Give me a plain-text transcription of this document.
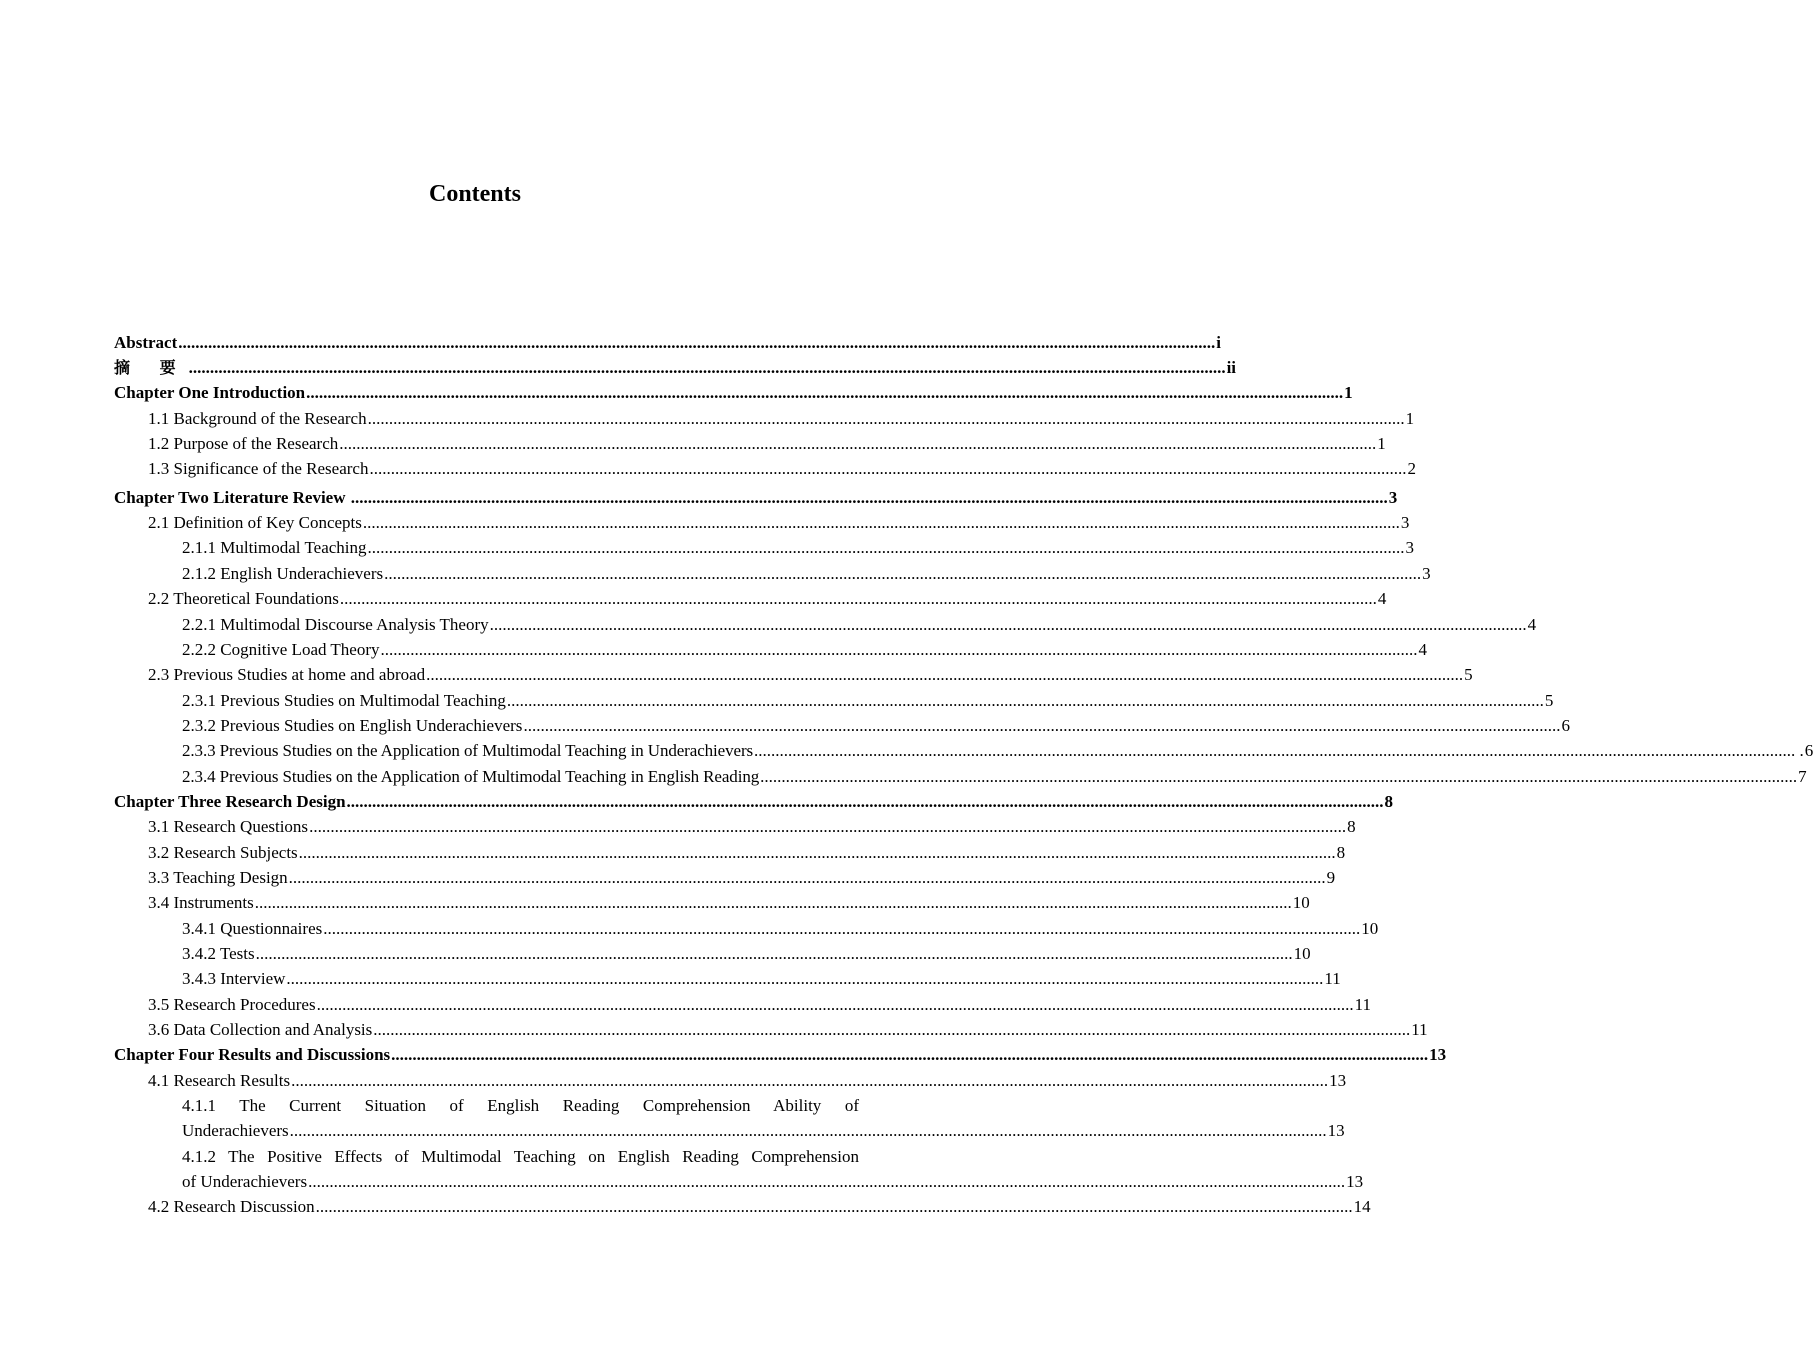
Contents
Abstract .....	i
摘 要 .....	ii
Chapter One Introduction .....	1
1.1 Background of the Research .....	1
1.2 Purpose of the Research .....	1
1.3 Significance of the Research .....	2
Chapter Two Literature Review .....	3
2.1 Definition of Key Concepts .....	3
2.1.1 Multimodal Teaching .....	3
2.1.2 English Underachievers .....	3
2.2 Theoretical Foundations .....	4
2.2.1 Multimodal Discourse Analysis Theory .....	4
2.2.2 Cognitive Load Theory .....	4
2.3 Previous Studies at home and abroad .....	5
2.3.1 Previous Studies on Multimodal Teaching .....	5
2.3.2 Previous Studies on English Underachievers .....	6
2.3.3 Previous Studies on the Application of Multimodal Teaching in Underachievers	..... . . 6
2.3.4 Previous Studies on the Application of Multimodal Teaching in English Reading .....	7
Chapter Three Research Design .....	8
3.1 Research Questions .....	8
3.2 Research Subjects .....	8
3.3 Teaching Design .....	9
3.4 Instruments .....	10
3.4.1 Questionnaires .....	10
3.4.2 Tests .....	10
3.4.3 Interview .....	11
3.5 Research Procedures .....	11
3.6 Data Collection and Analysis .....	11
Chapter Four Results and Discussions .....	13
4.1 Research Results .....	13
4.1.1 The Current Situation of English Reading Comprehension Ability of
Underachievers .....	13
4.1.2 The Positive Effects of Multimodal Teaching on English Reading Comprehension
of Underachievers .....	13
4.2 Research Discussion .....	14
